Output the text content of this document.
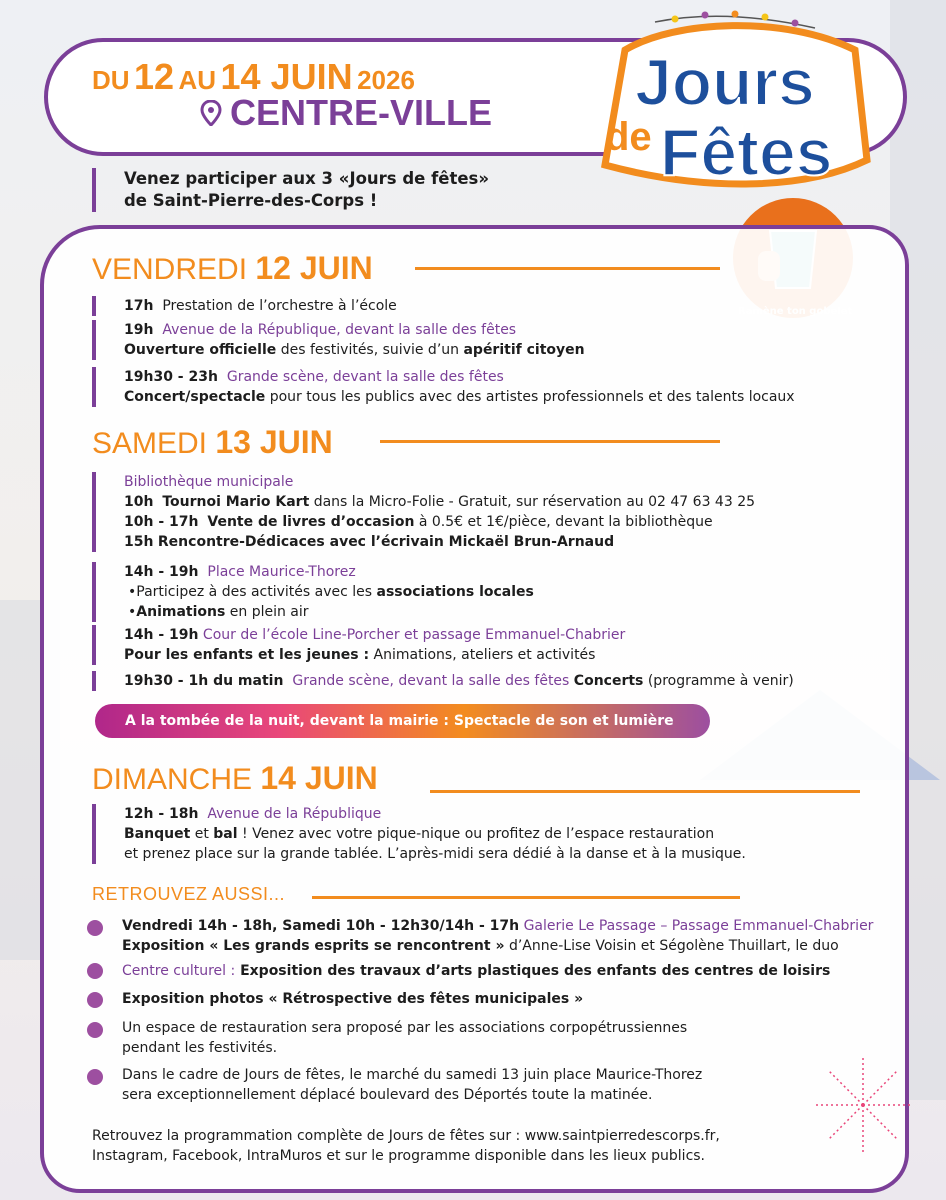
DU 12 AU 14 JUIN 2026
CENTRE-VILLE Jours
de Fêtes
Venez participer aux 3 «Jours de fêtes»
de Saint-Pierre-des-Corps !
VENDREDI 12 JUIN
17h Prestation de l’orchestre à l’école
19h Avenue de la République, devant la salle des fêtes
Ouverture officielle des festivités, suivie d’un apéritif citoyen
19h30 - 23h Grande scène, devant la salle des fêtes
Concert/spectacle pour tous les publics avec des artistes professionnels et des talents locaux
SAMEDI 13 JUIN
Bibliothèque municipale
10h Tournoi Mario Kart dans la Micro-Folie - Gratuit, sur réservation au 02 47 63 43 25
10h - 17h Vente de livres d’occasion à 0.5€ et 1€/pièce, devant la bibliothèque
15h Rencontre-Dédicaces avec l’écrivain Mickaël Brun-Arnaud
14h - 19h Place Maurice-Thorez
•Participez à des activités avec les associations locales
•Animations en plein air
14h - 19h Cour de l’école Line-Porcher et passage Emmanuel-Chabrier
Pour les enfants et les jeunes : Animations, ateliers et activités
19h30 - 1h du matin Grande scène, devant la salle des fêtes Concerts (programme à venir)
A la tombée de la nuit, devant la mairie : Spectacle de son et lumière
DIMANCHE 14 JUIN
12h - 18h Avenue de la République
Banquet et bal ! Venez avec votre pique-nique ou profitez de l’espace restauration
et prenez place sur la grande tablée. L’après-midi sera dédié à la danse et à la musique.
RETROUVEZ AUSSI...
Vendredi 14h - 18h, Samedi 10h - 12h30/14h - 17h Galerie Le Passage – Passage Emmanuel-Chabrier
Exposition « Les grands esprits se rencontrent » d’Anne-Lise Voisin et Ségolène Thuillart, le duo
Centre culturel : Exposition des travaux d’arts plastiques des enfants des centres de loisirs
Exposition photos « Rétrospective des fêtes municipales »
Un espace de restauration sera proposé par les associations corpopétrussiennes
pendant les festivités.
Dans le cadre de Jours de fêtes, le marché du samedi 13 juin place Maurice-Thorez
sera exceptionnellement déplacé boulevard des Déportés toute la matinée.
Retrouvez la programmation complète de Jours de fêtes sur : www.saintpierredescorps.fr,
Instagram, Facebook, IntraMuros et sur le programme disponible dans les lieux publics.
